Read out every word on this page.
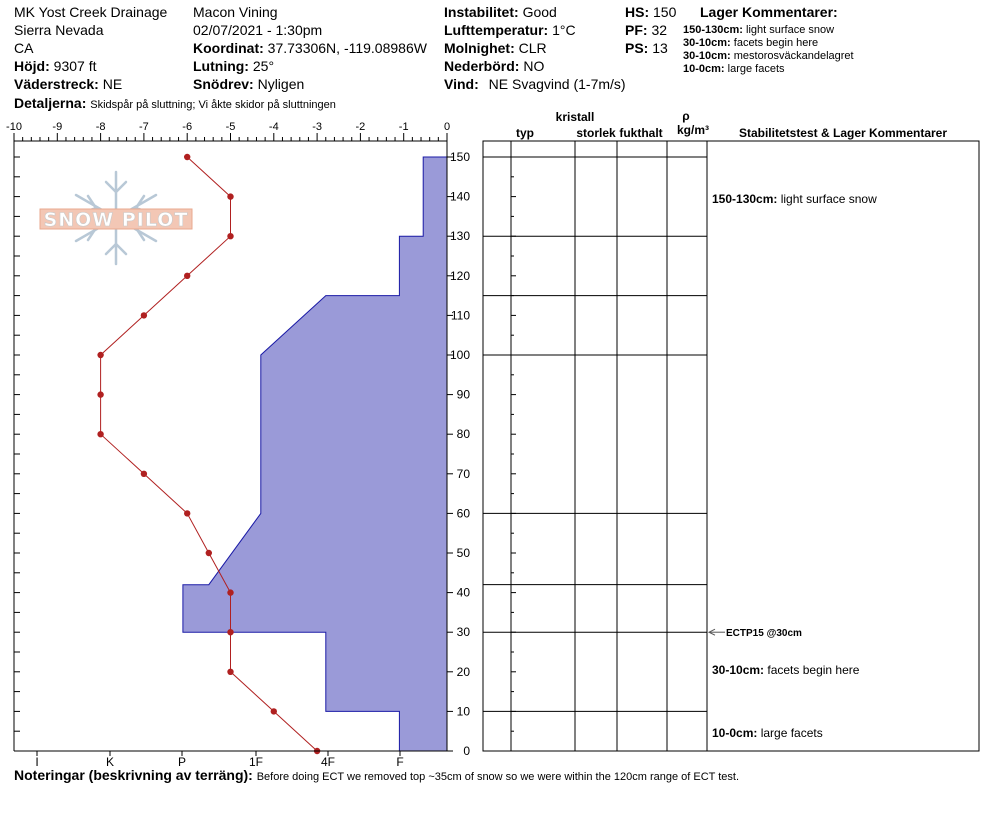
MK Yost Creek Drainage
Sierra Nevada
CA
Höjd: 9307 ft
Väderstreck: NE
Detaljerna: Skidspår på sluttning; Vi åkte skidor på sluttningen
Macon Vining
02/07/2021 - 1:30pm
Koordinat: 37.73306N, -119.08986W
Lutning: 25°
Snödrev: Nyligen
Instabilitet: Good
Lufttemperatur: 1°C
Molnighet: CLR
Nederbörd: NO
Vind: NE Svagvind (1-7m/s)
HS: 150
PF: 32
PS: 13
Lager Kommentarer:
150-130cm: light surface snow
30-10cm: facets begin here
30-10cm: mestorosväckandelagret
10-0cm: large facets
SNOW PILOT
-10	-9	-8	-7	-6	-5	-4	-3	-2	-1	0
I	K	P	1F	4F	F
0
10
20
30
40
50
60
70
80
90
100
110
120
130
140
150
kristall
typ	storlek fukthalt
ρ
kg/m³ Stabilitetstest & Lager Kommentarer
ECTP15 @30cm
150-130cm: light surface snow
30-10cm: facets begin here
10-0cm: large facets
Noteringar (beskrivning av terräng): Before doing ECT we removed top ~35cm of snow so we were within the 120cm range of ECT test.
